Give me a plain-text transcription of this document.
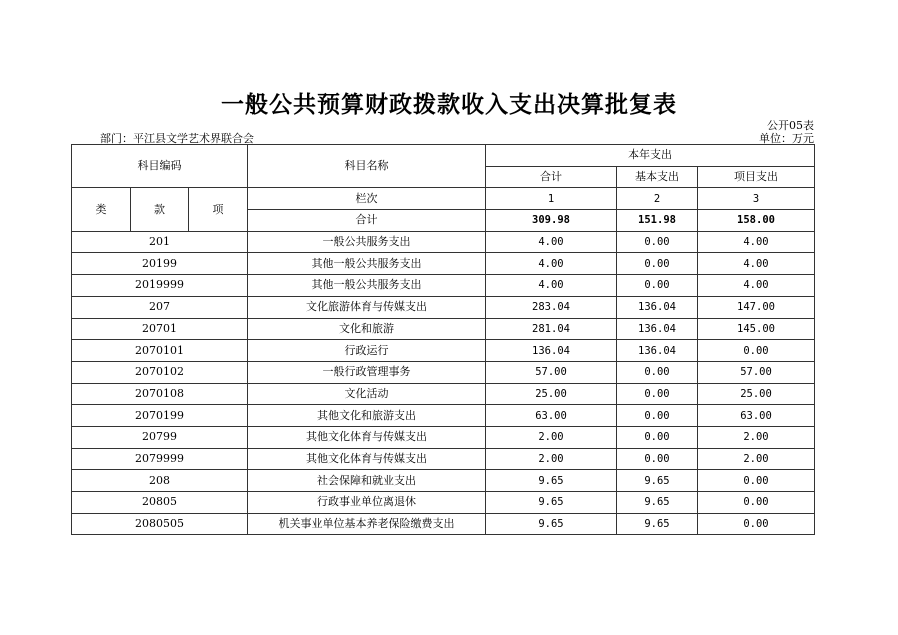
一般公共预算财政拨款收入支出决算批复表
公开05表
部门：平江县文学艺术界联合会	单位：万元
科目编码			科目名称	本年支出		
				合计	基本支出	项目支出
类	款	项	栏次	1	2	3
			合计	309.98	151.98	158.00
201			一般公共服务支出	4.00	0.00	4.00
20199			其他一般公共服务支出	4.00	0.00	4.00
2019999			其他一般公共服务支出	4.00	0.00	4.00
207			文化旅游体育与传媒支出	283.04	136.04	147.00
20701			文化和旅游	281.04	136.04	145.00
2070101			行政运行	136.04	136.04	0.00
2070102			一般行政管理事务	57.00	0.00	57.00
2070108			文化活动	25.00	0.00	25.00
2070199			其他文化和旅游支出	63.00	0.00	63.00
20799			其他文化体育与传媒支出	2.00	0.00	2.00
2079999			其他文化体育与传媒支出	2.00	0.00	2.00
208			社会保障和就业支出	9.65	9.65	0.00
20805			行政事业单位离退休	9.65	9.65	0.00
2080505			机关事业单位基本养老保险缴费支出	9.65	9.65	0.00
